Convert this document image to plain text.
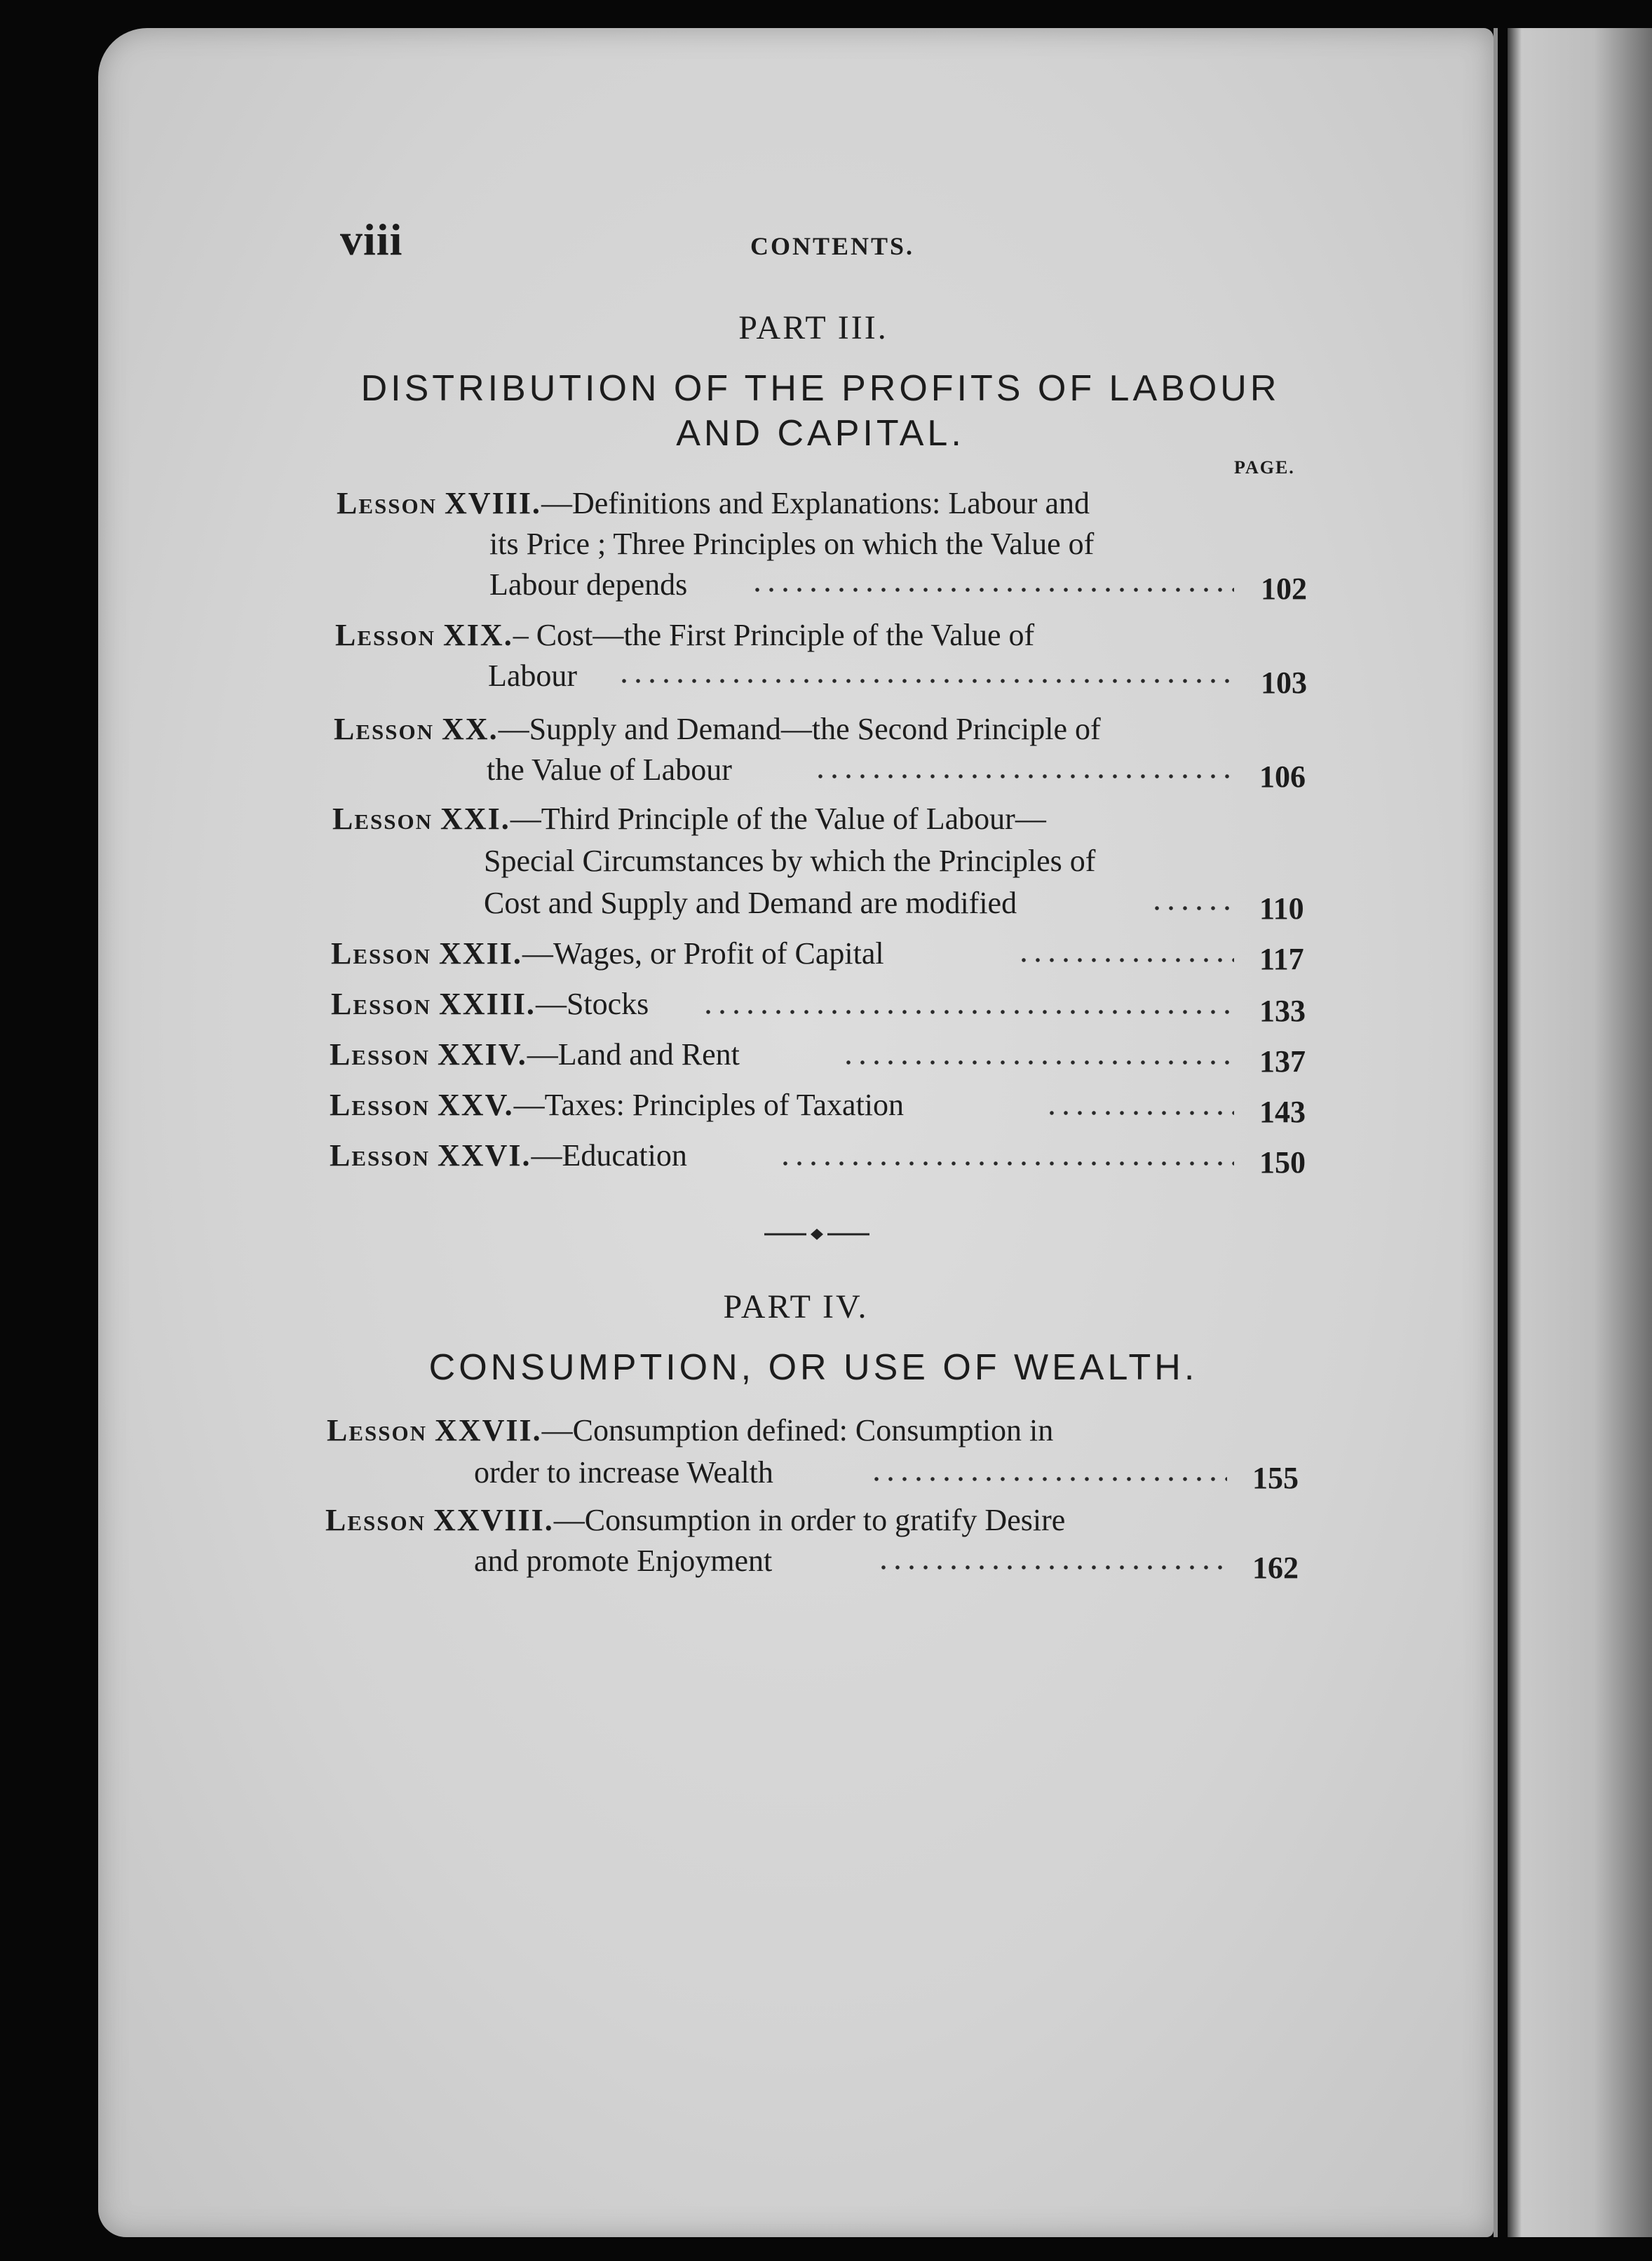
viii	CONTENTS.
PART III.
DISTRIBUTION OF THE PROFITS OF LABOUR
AND CAPITAL.
PAGE.
Lesson XVIII.—Definitions and Explanations: Labour and
its Price ; Three Principles on which the Value of
Labour depends	102
Lesson XIX.– Cost—the First Principle of the Value of
Labour	103
Lesson XX.—Supply and Demand—the Second Principle of
the Value of Labour	106
Lesson XXI.—Third Principle of the Value of Labour—
Special Circumstances by which the Principles of
Cost and Supply and Demand are modified	110
Lesson XXII.—Wages, or Profit of Capital	117
Lesson XXIII.—Stocks	133
Lesson XXIV.—Land and Rent	137
Lesson XXV.—Taxes: Principles of Taxation	143
Lesson XXVI.—Education	150
PART IV.
CONSUMPTION, OR USE OF WEALTH.
Lesson XXVII.—Consumption defined: Consumption in
order to increase Wealth	155
Lesson XXVIII.—Consumption in order to gratify Desire
and promote Enjoyment	162
